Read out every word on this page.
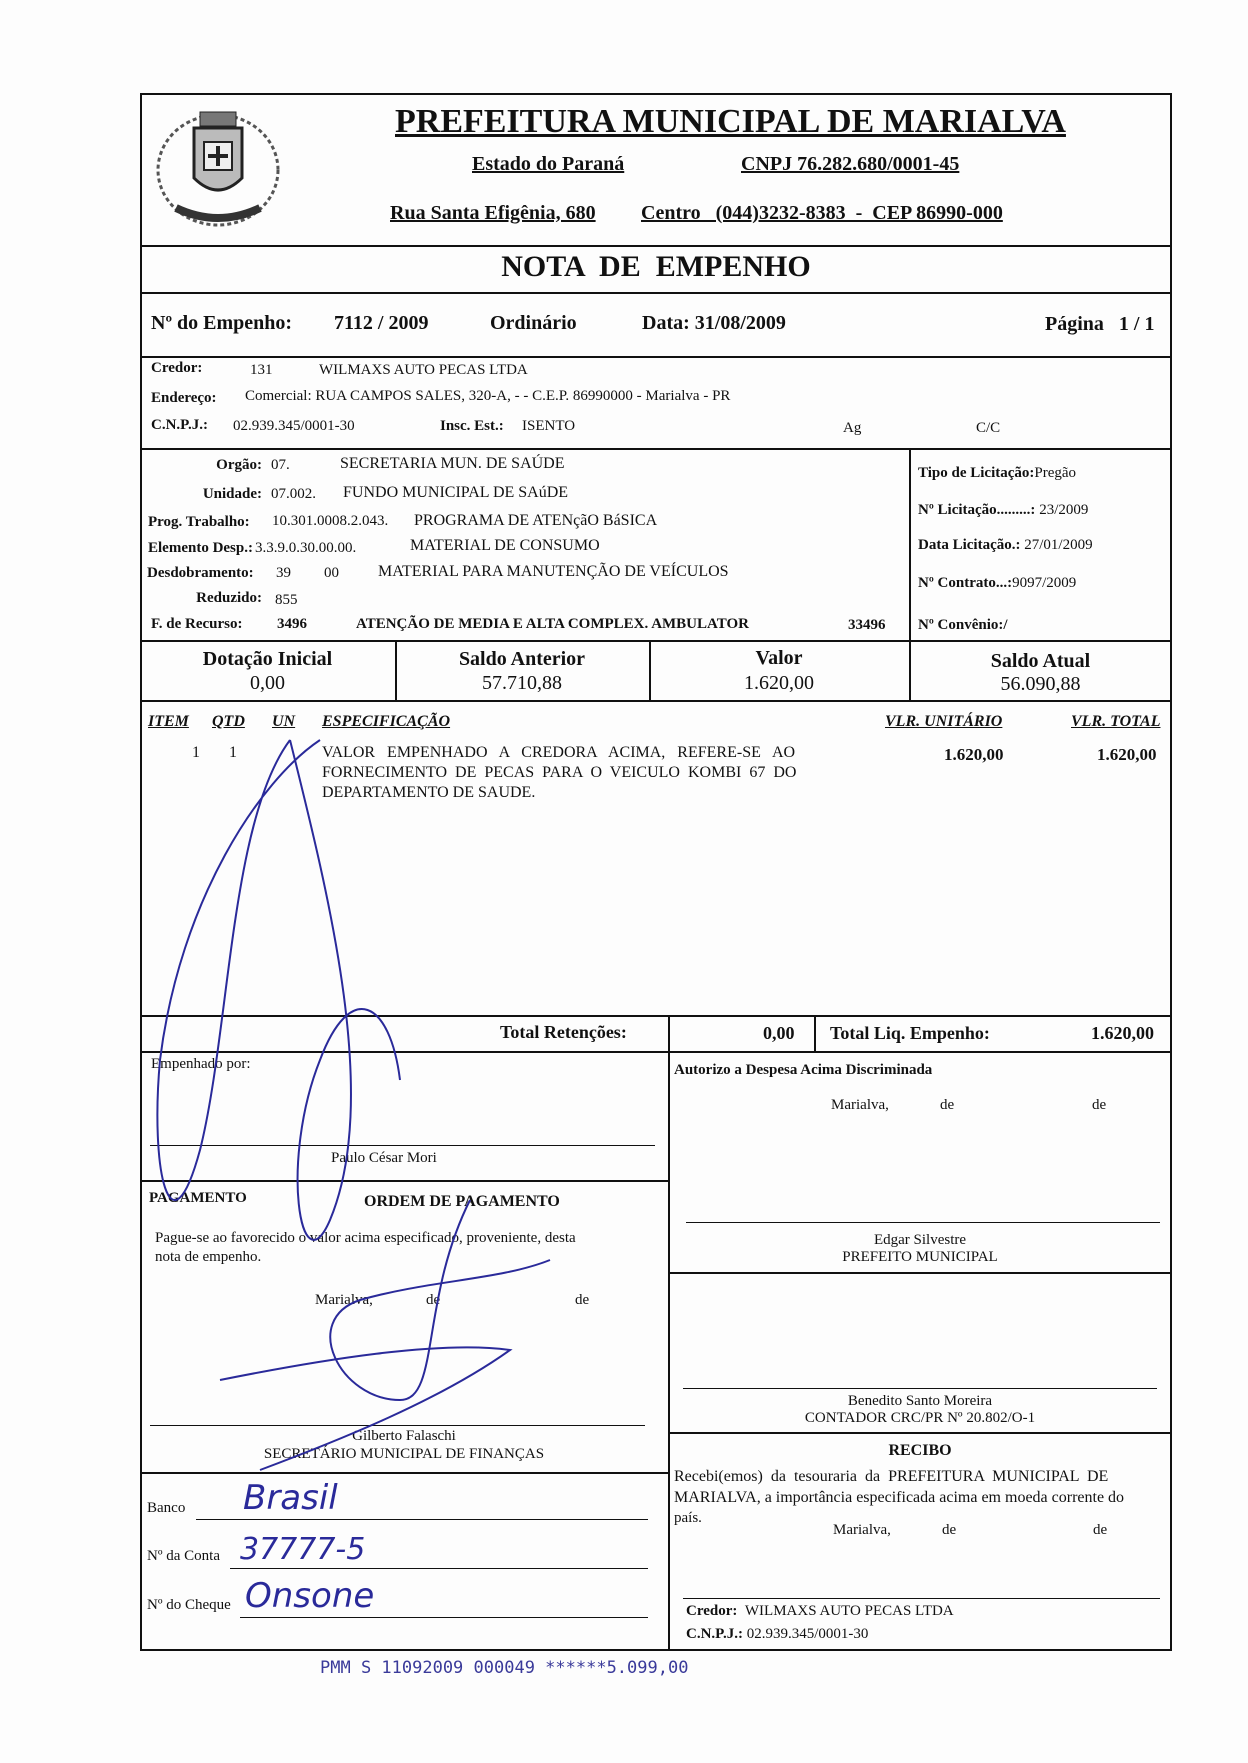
PREFEITURA MUNICIPAL DE MARIALVA
Estado do Paraná	CNPJ 76.282.680/0001-45
Rua Santa Efigênia, 680 Centro   (044)3232-8383  -  CEP 86990-000
NOTA  DE  EMPENHO
Nº do Empenho: 7112 / 2009	Ordinário	Data: 31/08/2009	Página   1 / 1
Credor:	131	WILMAXS AUTO PECAS LTDA
Endereço: Comercial: RUA CAMPOS SALES, 320-A, - - C.E.P. 86990000 - Marialva - PR
C.N.P.J.: 02.939.345/0001-30	Insc. Est.: ISENTO	Ag	C/C
Orgão: 07.	SECRETARIA MUN. DE SAÚDE
Unidade: 07.002. FUNDO MUNICIPAL DE SAúDE
Prog. Trabalho: 10.301.0008.2.043. PROGRAMA DE ATENçãO BáSICA
Elemento Desp.: 3.3.9.0.30.00.00.	MATERIAL DE CONSUMO
Desdobramento: 39 00 MATERIAL PARA MANUTENÇÃO DE VEÍCULOS
Reduzido: 855
F. de Recurso: 3496	ATENÇÃO DE MEDIA E ALTA COMPLEX. AMBULATOR	33496
Tipo de Licitação:Pregão
Nº Licitação.........: 23/2009
Data Licitação.: 27/01/2009
Nº Contrato...:9097/2009
Nº Convênio:/
Dotação Inicial
0,00
Saldo Anterior
57.710,88
Valor
1.620,00
Saldo Atual
56.090,88
ITEM QTD UN ESPECIFICAÇÃO	VLR. UNITÁRIO	VLR. TOTAL
1 1	VALOR   EMPENHADO   A   CREDORA   ACIMA,   REFERE-SE   AO
FORNECIMENTO  DE  PECAS  PARA  O  VEICULO  KOMBI  67  DO
DEPARTAMENTO DE SAUDE.
1.620,00	1.620,00
Total Retenções:	0,00 Total Liq. Empenho:	1.620,00
Empenhado por:
Paulo César Mori
Autorizo a Despesa Acima Discriminada
Marialva,	de	de
Edgar Silvestre
PREFEITO MUNICIPAL
Benedito Santo Moreira
CONTADOR CRC/PR Nº 20.802/O-1
RECIBO
Recebi(emos)  da  tesouraria  da  PREFEITURA  MUNICIPAL  DE
MARIALVA, a importância especificada acima em moeda corrente do
país.
Marialva,	de	de
Credor: WILMAXS AUTO PECAS LTDA
C.N.P.J.: 02.939.345/0001-30
PAGAMENTO	ORDEM DE PAGAMENTO
Pague-se ao favorecido o valor acima especificado, proveniente, desta
nota de empenho.
Marialva,	de	de
Gilberto Falaschi
SECRETÁRIO MUNICIPAL DE FINANÇAS
Banco Brasil
Nº da Conta 37777-5
Nº do Cheque Onsone
PMM S 11092009 000049 ******5.099,00
